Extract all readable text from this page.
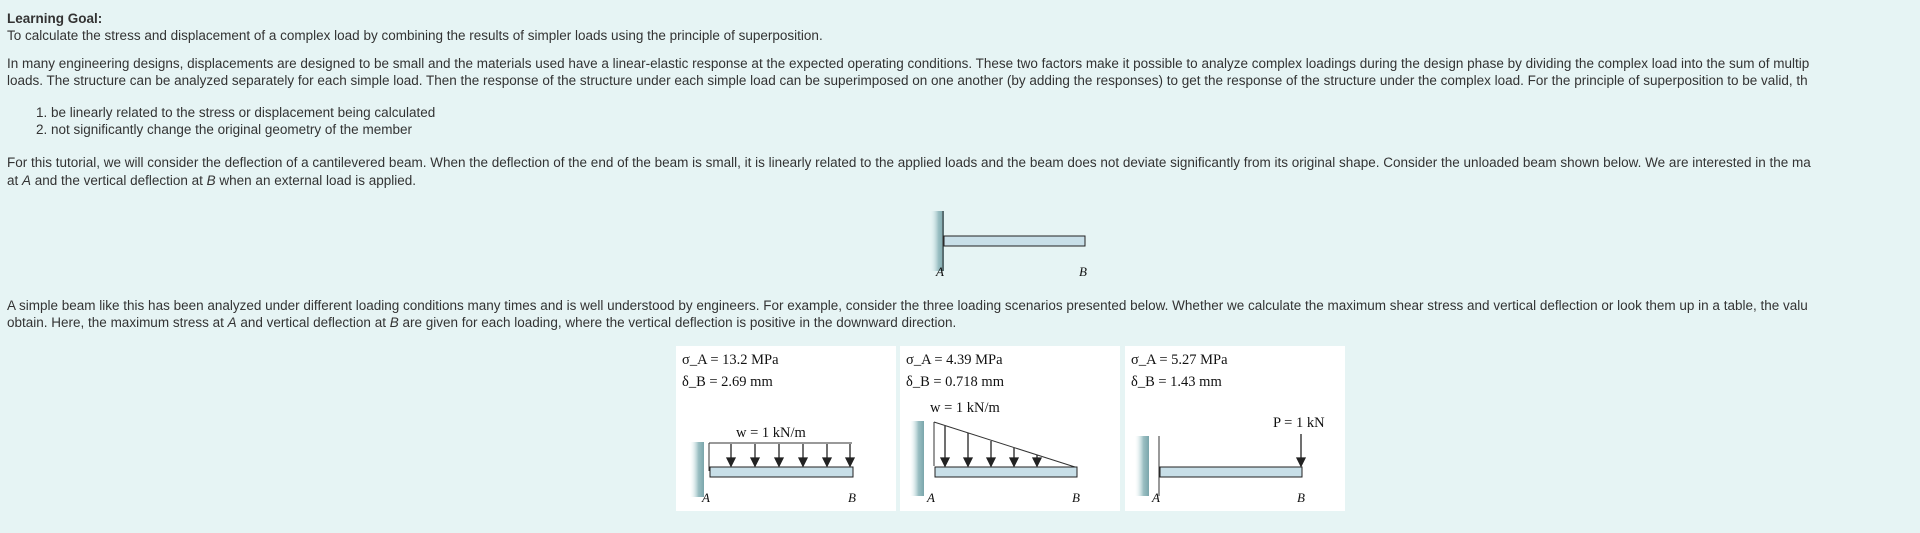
Learning Goal:
To calculate the stress and displacement of a complex load by combining the results of simpler loads using the principle of superposition.
In many engineering designs, displacements are designed to be small and the materials used have a linear-elastic response at the expected operating conditions. These two factors make it possible to analyze complex loadings during the design phase by dividing the complex load into the sum of multip
loads. The structure can be analyzed separately for each simple load. Then the response of the structure under each simple load can be superimposed on one another (by adding the responses) to get the response of the structure under the complex load. For the principle of superposition to be valid, th
1. be linearly related to the stress or displacement being calculated
2. not significantly change the original geometry of the member
For this tutorial, we will consider the deflection of a cantilevered beam. When the deflection of the end of the beam is small, it is linearly related to the applied loads and the beam does not deviate significantly from its original shape. Consider the unloaded beam shown below. We are interested in the ma
at A and the vertical deflection at B when an external load is applied.
A	B
A simple beam like this has been analyzed under different loading conditions many times and is well understood by engineers. For example, consider the three loading scenarios presented below. Whether we calculate the maximum shear stress and vertical deflection or look them up in a table, the valu
obtain. Here, the maximum stress at A and vertical deflection at B are given for each loading, where the vertical deflection is positive in the downward direction.
σ_A = 13.2 MPa
δ_B = 2.69 mm
w = 1 kN/m
A	B
σ_A = 4.39 MPa
δ_B = 0.718 mm
w = 1 kN/m
A	B
σ_A = 5.27 MPa
δ_B = 1.43 mm
P = 1 kN
A	B
